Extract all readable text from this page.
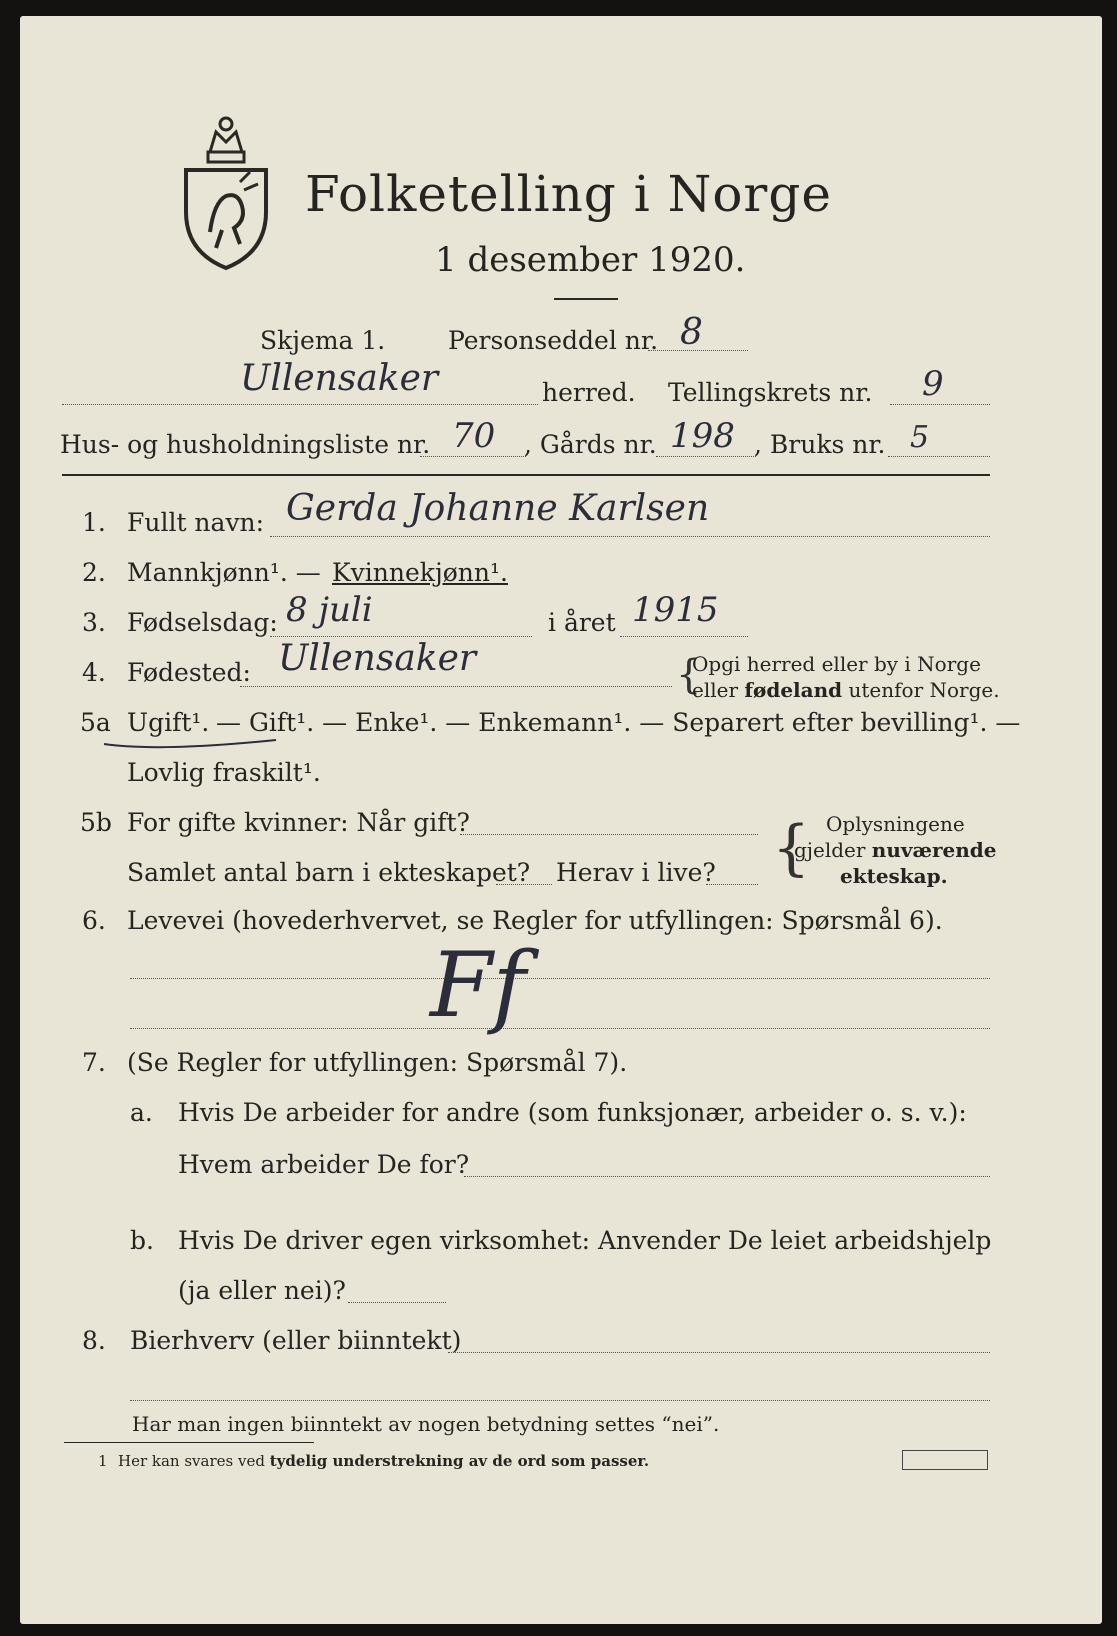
Folketelling i Norge
1 desember 1920.
Skjema 1.	Personseddel nr. 8
Ullensaker	herred. Tellingskrets nr. 9
Hus- og husholdningsliste nr. 70 , Gårds nr. 198 , Bruks nr. 5
1. Fullt navn: Gerda Johanne Karlsen
2. Mannkjønn¹. — Kvinnekjønn¹.
3. Fødselsdag: 8 juli	i året 1915
4. Fødested: Ullensaker	{
Opgi herred eller by i Norge
eller fødeland utenfor Norge.
5a Ugift¹. — Gift¹. — Enke¹. — Enkemann¹. — Separert efter bevilling¹. —
Lovlig fraskilt¹.
5b For gifte kvinner: Når gift?
Samlet antal barn i ekteskapet? Herav i live? { Oplysningene
gjelder nuværende
ekteskap.
6. Levevei (hovederhvervet, se Regler for utfyllingen: Spørsmål 6).
Ff
7. (Se Regler for utfyllingen: Spørsmål 7).
a. Hvis De arbeider for andre (som funksjonær, arbeider o. s. v.):
Hvem arbeider De for?
b. Hvis De driver egen virksomhet: Anvender De leiet arbeidshjelp
(ja eller nei)?
8. Bierhverv (eller biinntekt)
Har man ingen biinntekt av nogen betydning settes “nei”.
1 Her kan svares ved tydelig understrekning av de ord som passer.
